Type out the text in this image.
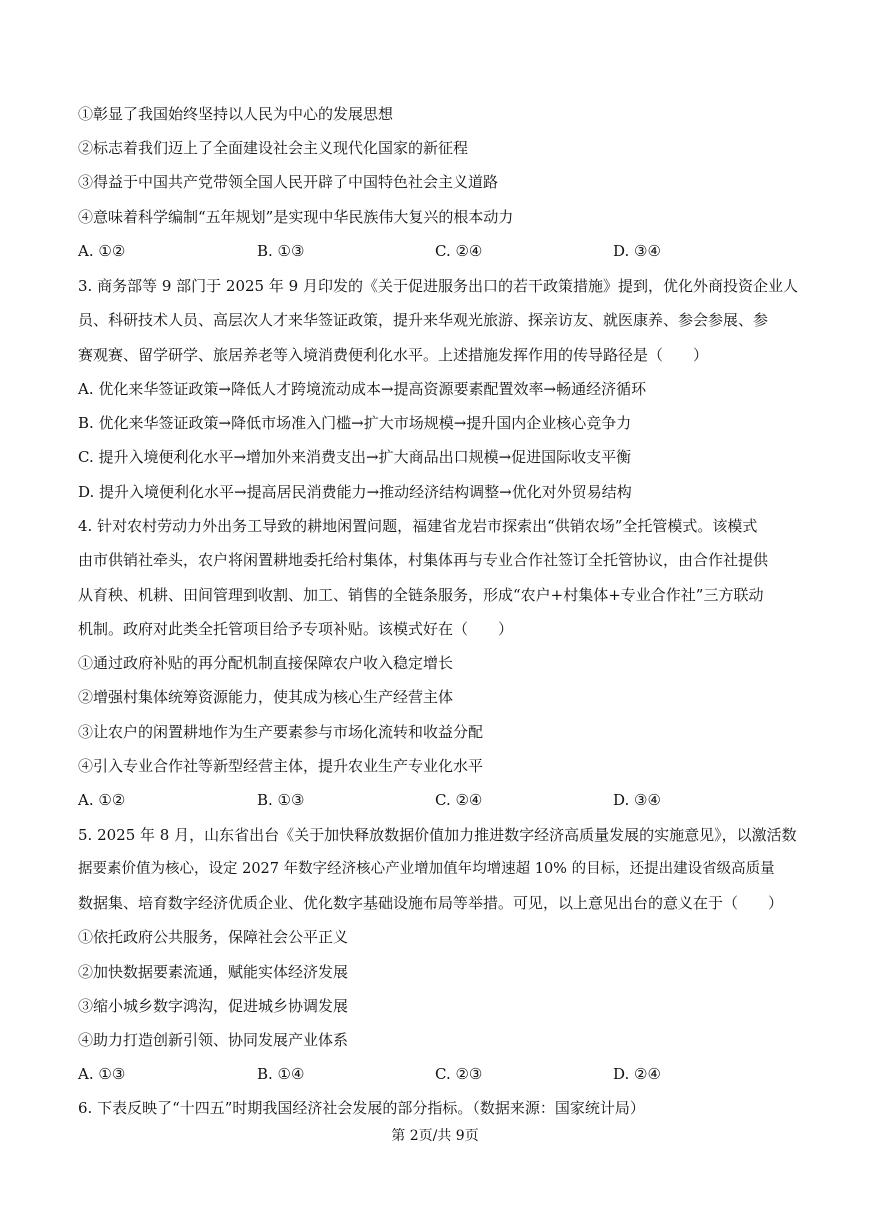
①彰显了我国始终坚持以人民为中心的发展思想
②标志着我们迈上了全面建设社会主义现代化国家的新征程
③得益于中国共产党带领全国人民开辟了中国特色社会主义道路
④意味着科学编制“五年规划”是实现中华民族伟大复兴的根本动力
A. ①②	B. ①③	C. ②④	D. ③④
3. 商务部等 9 部门于 2025 年 9 月印发的《关于促进服务出口的若干政策措施》提到，优化外商投资企业人
员、科研技术人员、高层次人才来华签证政策，提升来华观光旅游、探亲访友、就医康养、参会参展、参
赛观赛、留学研学、旅居养老等入境消费便利化水平。上述措施发挥作用的传导路径是（　　）
A. 优化来华签证政策→降低人才跨境流动成本→提高资源要素配置效率→畅通经济循环
B. 优化来华签证政策→降低市场准入门槛→扩大市场规模→提升国内企业核心竞争力
C. 提升入境便利化水平→增加外来消费支出→扩大商品出口规模→促进国际收支平衡
D. 提升入境便利化水平→提高居民消费能力→推动经济结构调整→优化对外贸易结构
4. 针对农村劳动力外出务工导致的耕地闲置问题，福建省龙岩市探索出“供销农场”全托管模式。该模式
由市供销社牵头，农户将闲置耕地委托给村集体，村集体再与专业合作社签订全托管协议，由合作社提供
从育秧、机耕、田间管理到收割、加工、销售的全链条服务，形成“农户+村集体+专业合作社”三方联动
机制。政府对此类全托管项目给予专项补贴。该模式好在（　　）
①通过政府补贴的再分配机制直接保障农户收入稳定增长
②增强村集体统筹资源能力，使其成为核心生产经营主体
③让农户的闲置耕地作为生产要素参与市场化流转和收益分配
④引入专业合作社等新型经营主体，提升农业生产专业化水平
A. ①②	B. ①③	C. ②④	D. ③④
5. 2025 年 8 月，山东省出台《关于加快释放数据价值加力推进数字经济高质量发展的实施意见》，以激活数
据要素价值为核心，设定 2027 年数字经济核心产业增加值年均增速超 10% 的目标，还提出建设省级高质量
数据集、培育数字经济优质企业、优化数字基础设施布局等举措。可见，以上意见出台的意义在于（　　）
①依托政府公共服务，保障社会公平正义
②加快数据要素流通，赋能实体经济发展
③缩小城乡数字鸿沟，促进城乡协调发展
④助力打造创新引领、协同发展产业体系
A. ①③	B. ①④	C. ②③	D. ②④
6. 下表反映了“十四五”时期我国经济社会发展的部分指标。（数据来源：国家统计局）
第 2页/共 9页
